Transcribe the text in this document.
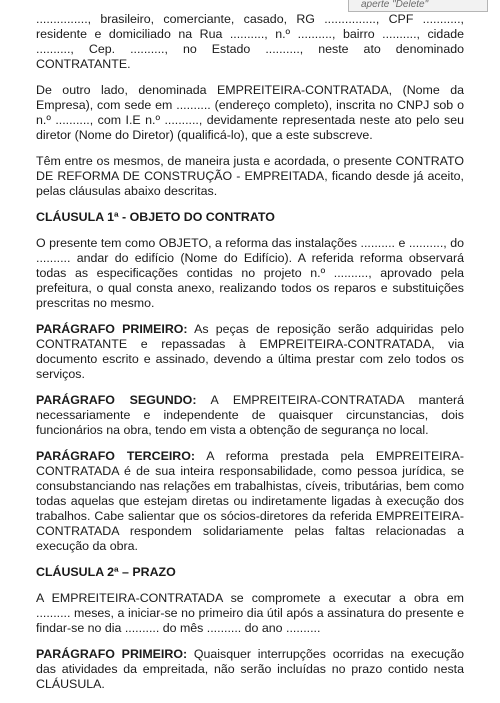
aperte "Delete"

..............., brasileiro, comerciante, casado, RG ..............., CPF ..........., residente e domiciliado na Rua .........., n.º .........., bairro .........., cidade .........., Cep. .........., no Estado .........., neste ato denominado CONTRATANTE.

De outro lado, denominada EMPREITEIRA-CONTRATADA, (Nome da Empresa), com sede em .......... (endereço completo), inscrita no CNPJ sob o n.º .........., com I.E n.º .........., devidamente representada neste ato pelo seu diretor (Nome do Diretor) (qualificá-lo), que a este subscreve.

Têm entre os mesmos, de maneira justa e acordada, o presente CONTRATO DE REFORMA DE CONSTRUÇÃO - EMPREITADA, ficando desde já aceito, pelas cláusulas abaixo descritas.

CLÁUSULA 1ª - OBJETO DO CONTRATO

O presente tem como OBJETO, a reforma das instalações .......... e .........., do .......... andar do edifício (Nome do Edifício). A referida reforma observará todas as especificações contidas no projeto n.º .........., aprovado pela prefeitura, o qual consta anexo, realizando todos os reparos e substituições prescritas no mesmo.

PARÁGRAFO PRIMEIRO: As peças de reposição serão adquiridas pelo CONTRATANTE e repassadas à EMPREITEIRA-CONTRATADA, via documento escrito e assinado, devendo a última prestar com zelo todos os serviços.

PARÁGRAFO SEGUNDO: A EMPREITEIRA-CONTRATADA manterá necessariamente e independente de quaisquer circunstancias, dois funcionários na obra, tendo em vista a obtenção de segurança no local.

PARÁGRAFO TERCEIRO: A reforma prestada pela EMPREITEIRA-CONTRATADA é de sua inteira responsabilidade, como pessoa jurídica, se consubstanciando nas relações em trabalhistas, cíveis, tributárias, bem como todas aquelas que estejam diretas ou indiretamente ligadas à execução dos trabalhos. Cabe salientar que os sócios-diretores da referida EMPREITEIRA-CONTRATADA respondem solidariamente pelas faltas relacionadas a execução da obra.

CLÁUSULA 2ª – PRAZO

A EMPREITEIRA-CONTRATADA se compromete a executar a obra em .......... meses, a iniciar-se no primeiro dia útil após a assinatura do presente e findar-se no dia .......... do mês .......... do ano ..........

PARÁGRAFO PRIMEIRO: Quaisquer interrupções ocorridas na execução das atividades da empreitada, não serão incluídas no prazo contido nesta CLÁUSULA.
